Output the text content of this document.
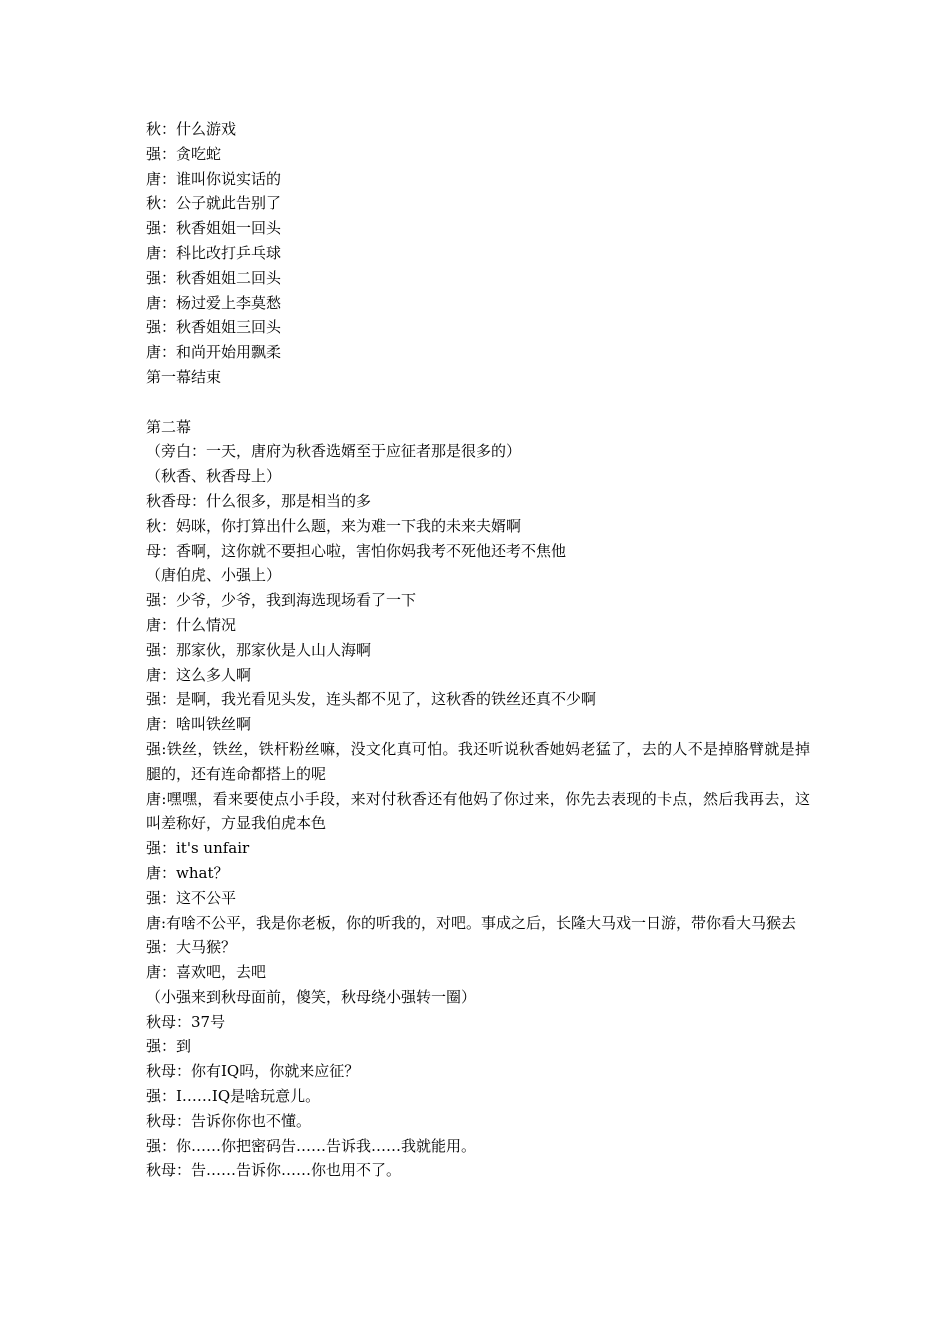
秋：什么游戏
强：贪吃蛇
唐：谁叫你说实话的
秋：公子就此告别了
强：秋香姐姐一回头
唐：科比改打乒乓球
强：秋香姐姐二回头
唐：杨过爱上李莫愁
强：秋香姐姐三回头
唐：和尚开始用飘柔
第一幕结束
第二幕
（旁白：一天，唐府为秋香选婿至于应征者那是很多的）
（秋香、秋香母上）
秋香母：什么很多，那是相当的多
秋：妈咪，你打算出什么题，来为难一下我的未来夫婿啊
母：香啊，这你就不要担心啦，害怕你妈我考不死他还考不焦他
（唐伯虎、小强上）
强：少爷，少爷，我到海选现场看了一下
唐：什么情况
强：那家伙，那家伙是人山人海啊
唐：这么多人啊
强：是啊，我光看见头发，连头都不见了，这秋香的铁丝还真不少啊
唐：啥叫铁丝啊
强:铁丝，铁丝，铁杆粉丝嘛，没文化真可怕。我还听说秋香她妈老猛了，去的人不是掉胳臂就是掉腿的，还有连命都搭上的呢
唐:嘿嘿，看来要使点小手段，来对付秋香还有他妈了你过来，你先去表现的卡点，然后我再去，这叫差称好，方显我伯虎本色
强：it's unfair
唐：what？
强：这不公平
唐:有啥不公平，我是你老板，你的听我的，对吧。事成之后，长隆大马戏一日游，带你看大马猴去
强：大马猴？
唐：喜欢吧，去吧
（小强来到秋母面前，傻笑，秋母绕小强转一圈）
秋母：37号
强：到
秋母：你有IQ吗，你就来应征？
强：I……IQ是啥玩意儿。
秋母：告诉你你也不懂。
强：你……你把密码告……告诉我……我就能用。
秋母：告……告诉你……你也用不了。
